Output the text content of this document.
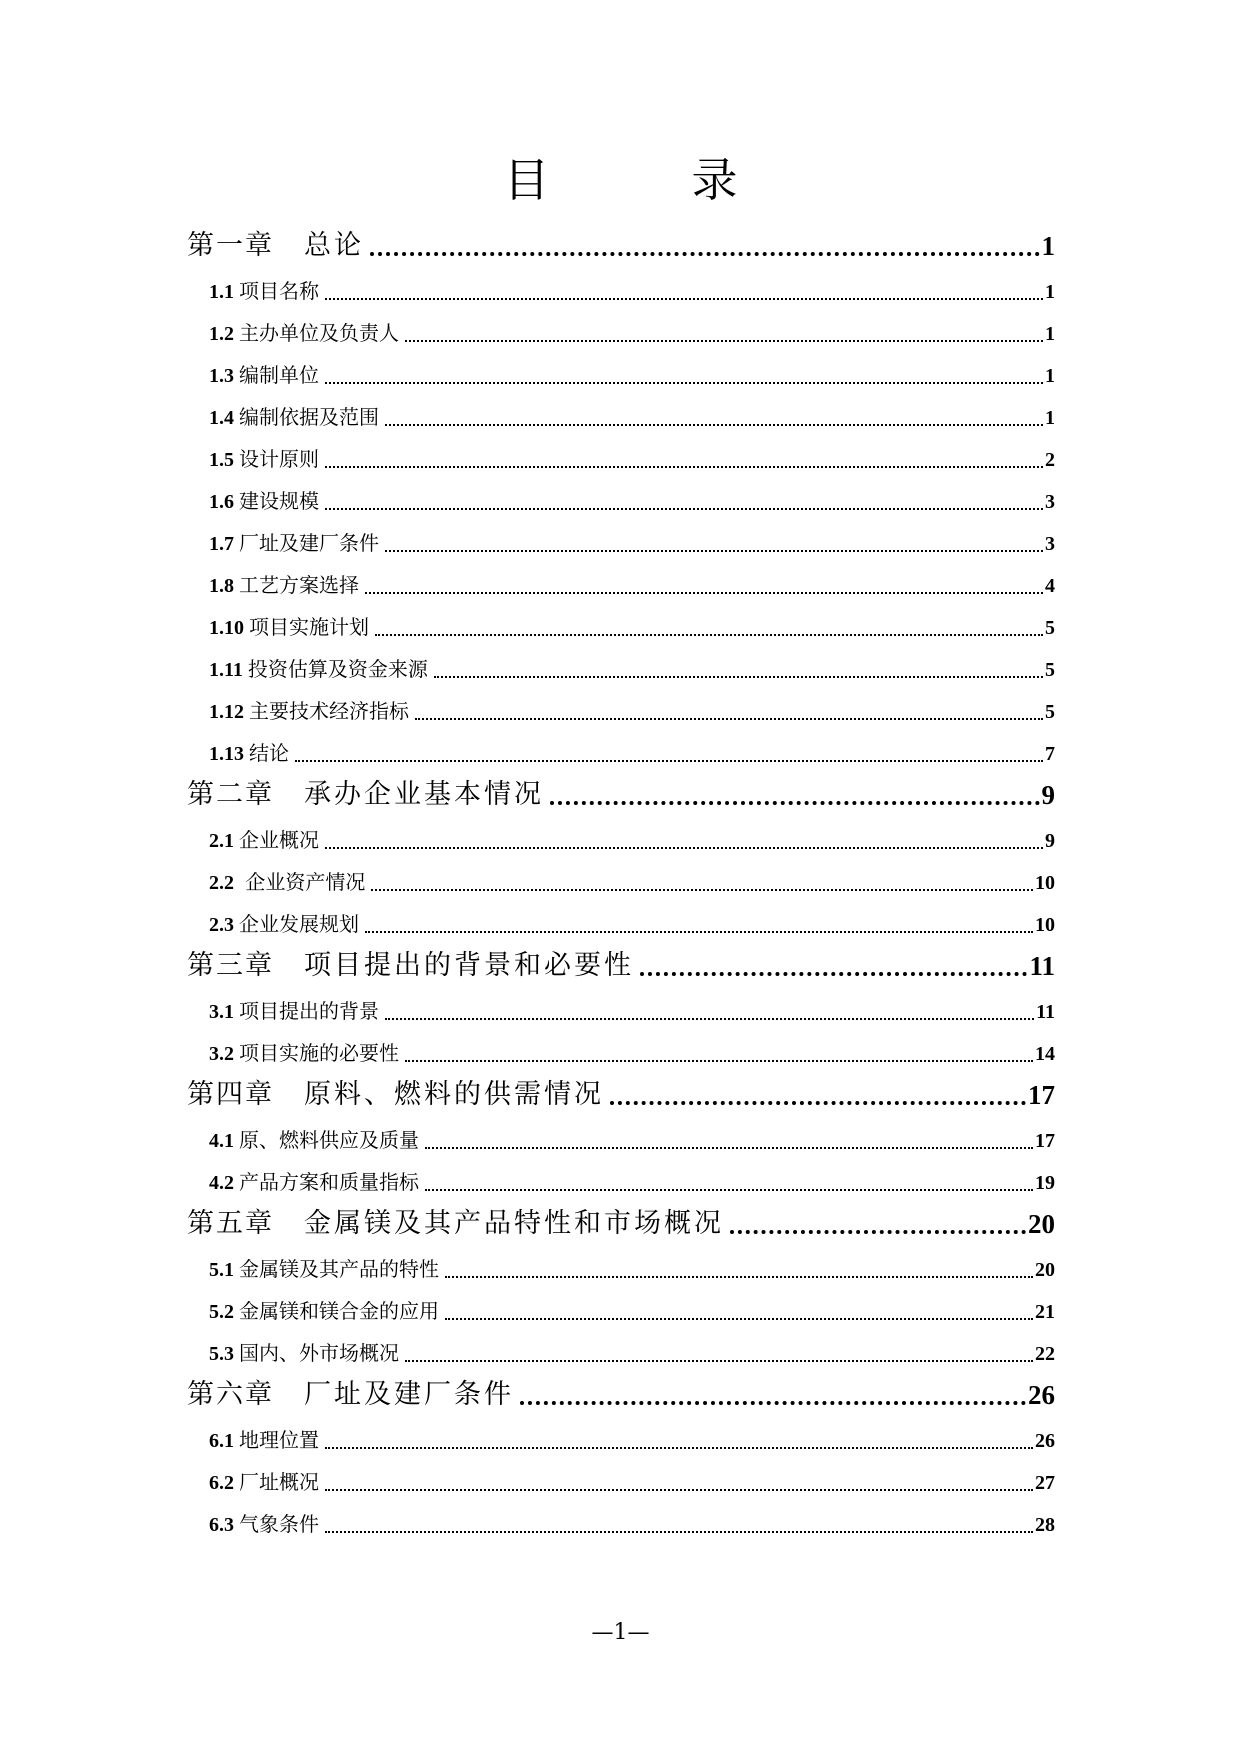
目　录
第一章 总论	1
1.1 项目名称	1
1.2 主办单位及负责人	1
1.3 编制单位	1
1.4 编制依据及范围	1
1.5 设计原则	2
1.6 建设规模	3
1.7 厂址及建厂条件	3
1.8 工艺方案选择	4
1.10 项目实施计划	5
1.11 投资估算及资金来源	5
1.12 主要技术经济指标	5
1.13 结论	7
第二章 承办企业基本情况	9
2.1 企业概况	9
2.2 企业资产情况	10
2.3 企业发展规划	10
第三章 项目提出的背景和必要性	11
3.1 项目提出的背景	11
3.2 项目实施的必要性	14
第四章 原料、燃料的供需情况	17
4.1 原、燃料供应及质量	17
4.2 产品方案和质量指标	19
第五章 金属镁及其产品特性和市场概况	20
5.1 金属镁及其产品的特性	20
5.2 金属镁和镁合金的应用	21
5.3 国内、外市场概况	22
第六章 厂址及建厂条件	26
6.1 地理位置	26
6.2 厂址概况	27
6.3 气象条件	28
—1—
